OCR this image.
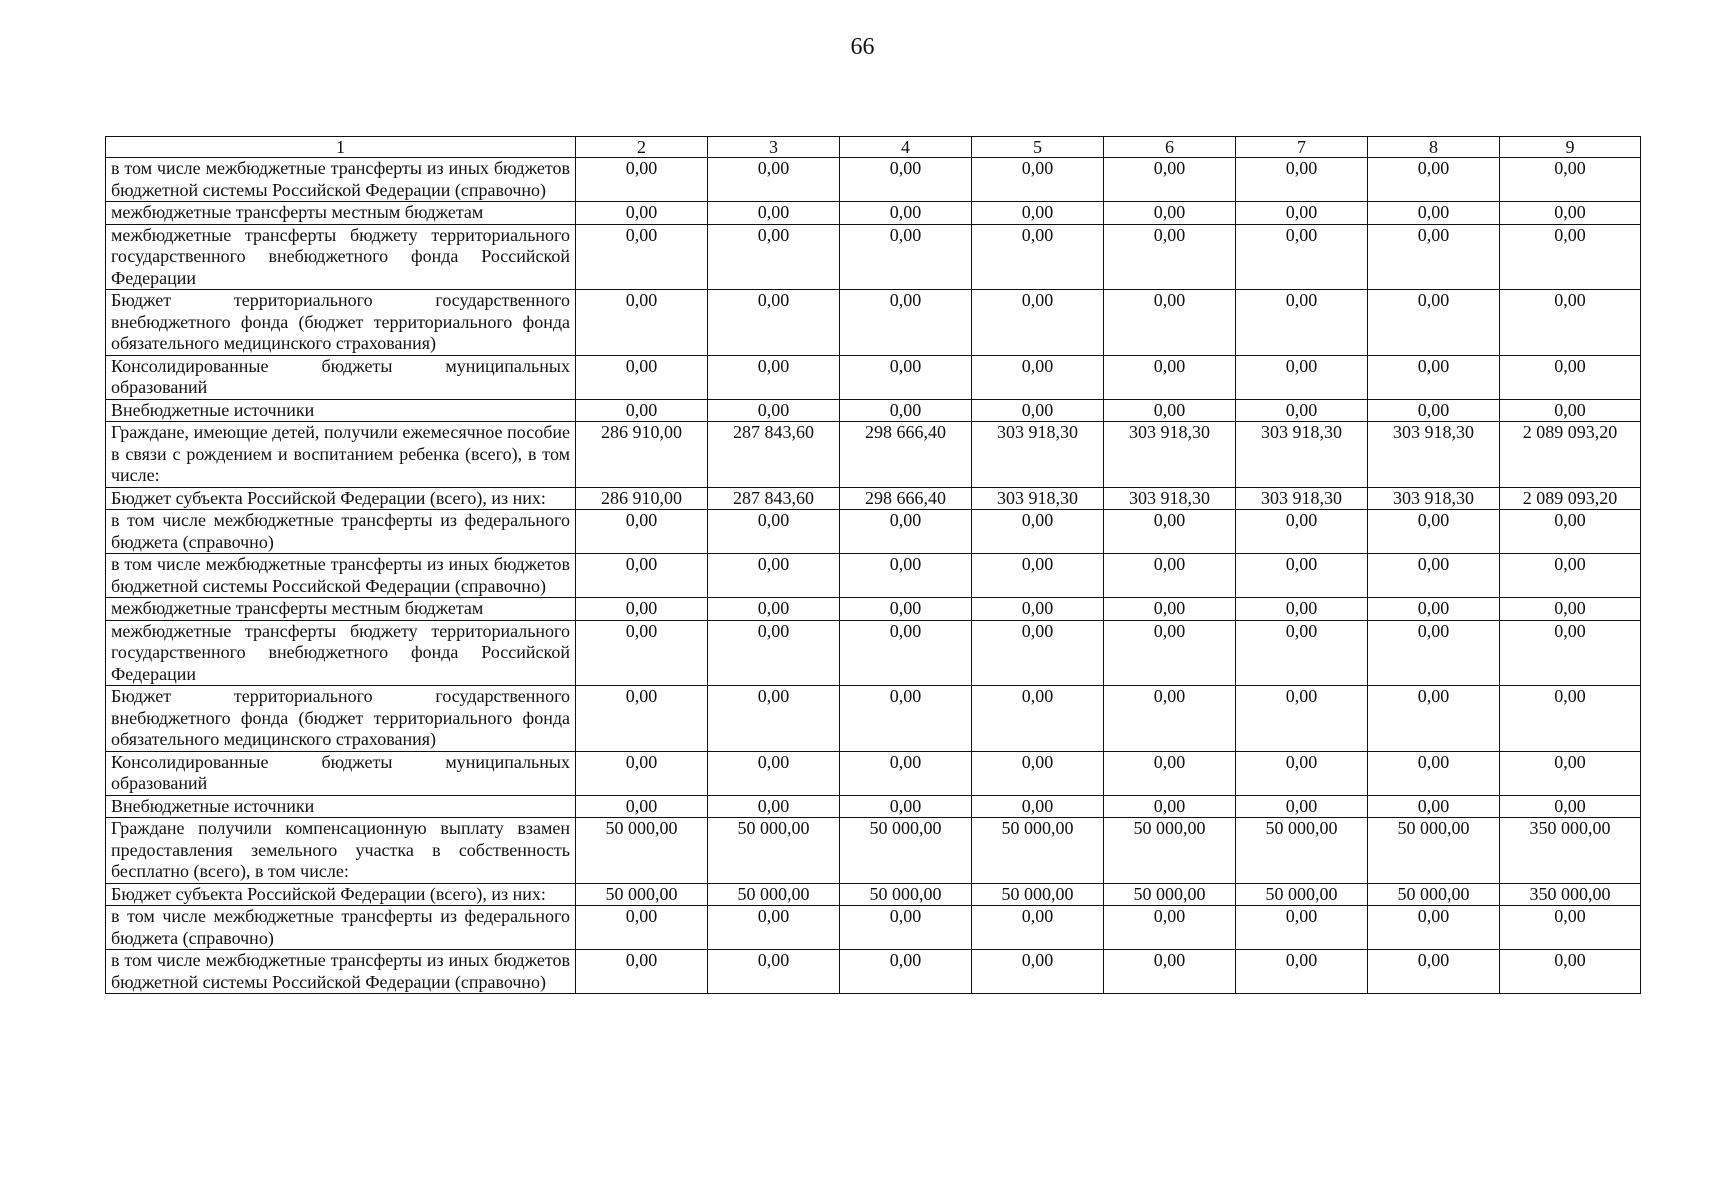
66
1	2	3	4	5	6	7	8	9
в том числе межбюджетные трансферты из иных бюджетов бюджетной системы Российской Федерации (справочно)	0,00	0,00	0,00	0,00	0,00	0,00	0,00	0,00
межбюджетные трансферты местным бюджетам	0,00	0,00	0,00	0,00	0,00	0,00	0,00	0,00
межбюджетные трансферты бюджету территориального государственного внебюджетного фонда Российской Федерации	0,00	0,00	0,00	0,00	0,00	0,00	0,00	0,00
Бюджет территориального государственного внебюджетного фонда (бюджет территориального фонда обязательного медицинского страхования)	0,00	0,00	0,00	0,00	0,00	0,00	0,00	0,00
Консолидированные бюджеты муниципальных образований	0,00	0,00	0,00	0,00	0,00	0,00	0,00	0,00
Внебюджетные источники	0,00	0,00	0,00	0,00	0,00	0,00	0,00	0,00
Граждане, имеющие детей, получили ежемесячное пособие в связи с рождением и воспитанием ребенка (всего), в том числе:	286 910,00	287 843,60	298 666,40	303 918,30	303 918,30	303 918,30	303 918,30	2 089 093,20
Бюджет субъекта Российской Федерации (всего), из них:	286 910,00	287 843,60	298 666,40	303 918,30	303 918,30	303 918,30	303 918,30	2 089 093,20
в том числе межбюджетные трансферты из федерального бюджета (справочно)	0,00	0,00	0,00	0,00	0,00	0,00	0,00	0,00
в том числе межбюджетные трансферты из иных бюджетов бюджетной системы Российской Федерации (справочно)	0,00	0,00	0,00	0,00	0,00	0,00	0,00	0,00
межбюджетные трансферты местным бюджетам	0,00	0,00	0,00	0,00	0,00	0,00	0,00	0,00
межбюджетные трансферты бюджету территориального государственного внебюджетного фонда Российской Федерации	0,00	0,00	0,00	0,00	0,00	0,00	0,00	0,00
Бюджет территориального государственного внебюджетного фонда (бюджет территориального фонда обязательного медицинского страхования)	0,00	0,00	0,00	0,00	0,00	0,00	0,00	0,00
Консолидированные бюджеты муниципальных образований	0,00	0,00	0,00	0,00	0,00	0,00	0,00	0,00
Внебюджетные источники	0,00	0,00	0,00	0,00	0,00	0,00	0,00	0,00
Граждане получили компенсационную выплату взамен предоставления земельного участка в собственность бесплатно (всего), в том числе:	50 000,00	50 000,00	50 000,00	50 000,00	50 000,00	50 000,00	50 000,00	350 000,00
Бюджет субъекта Российской Федерации (всего), из них:	50 000,00	50 000,00	50 000,00	50 000,00	50 000,00	50 000,00	50 000,00	350 000,00
в том числе межбюджетные трансферты из федерального бюджета (справочно)	0,00	0,00	0,00	0,00	0,00	0,00	0,00	0,00
в том числе межбюджетные трансферты из иных бюджетов бюджетной системы Российской Федерации (справочно)	0,00	0,00	0,00	0,00	0,00	0,00	0,00	0,00
